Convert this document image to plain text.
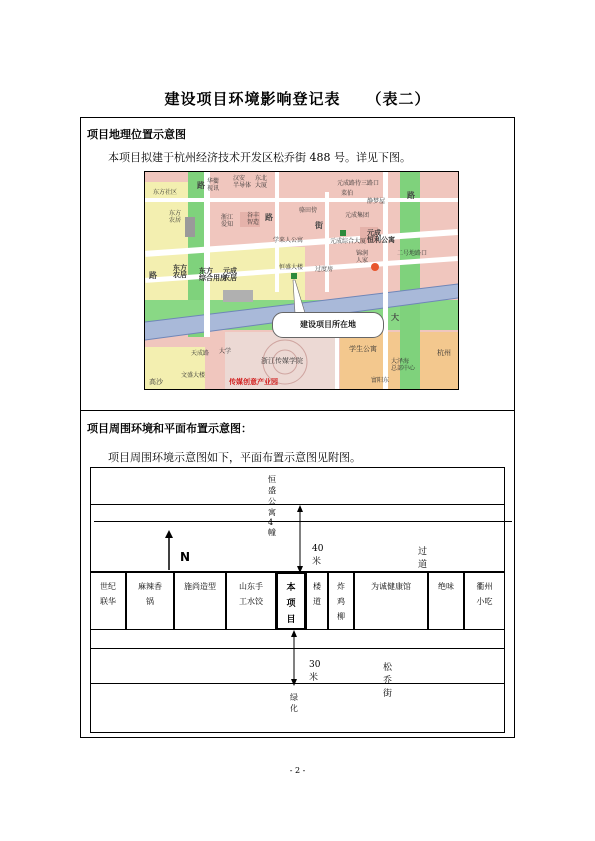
建设项目环境影响登记表 （表二）
项目地理位置示意图
本项目拟建于杭州经济技术开发区松乔街 488 号。详见下图。
东方社区
华衢
视讯
汉安
半导体
东北
大厦	元成路待三路口
菜伯
静梦屋
东方
农居	浙江
爱知
谷丰
智造
骆田傍
元成集团
学来人公寓	元成综合大厦
元成
恒利公寓
东方
农居 东方
综合用房
元成
农居
恒盛大楼 过度房
锦润
人家
二号地路口
浙江传媒学院
学生公寓	杭州
大泽海
总部中心
文盛大楼
高沙	富阳东
天成路 大学
路
路
街
路
路
大
传媒创意产业园
建设项目所在地
项目周围环境和平面布置示意图：
项目周围环境示意图如下，平面布置示意图见附图。
恒盛公寓 4 幢
N
40 米
过道
世纪
联华
麻辣香
锅
施尚造型	山东手
工水饺
本
项
目
楼
道
炸
鸡
柳
为诚健康馆	绝味	衢州
小吃
30 米
松乔街
绿化
- 2 -
